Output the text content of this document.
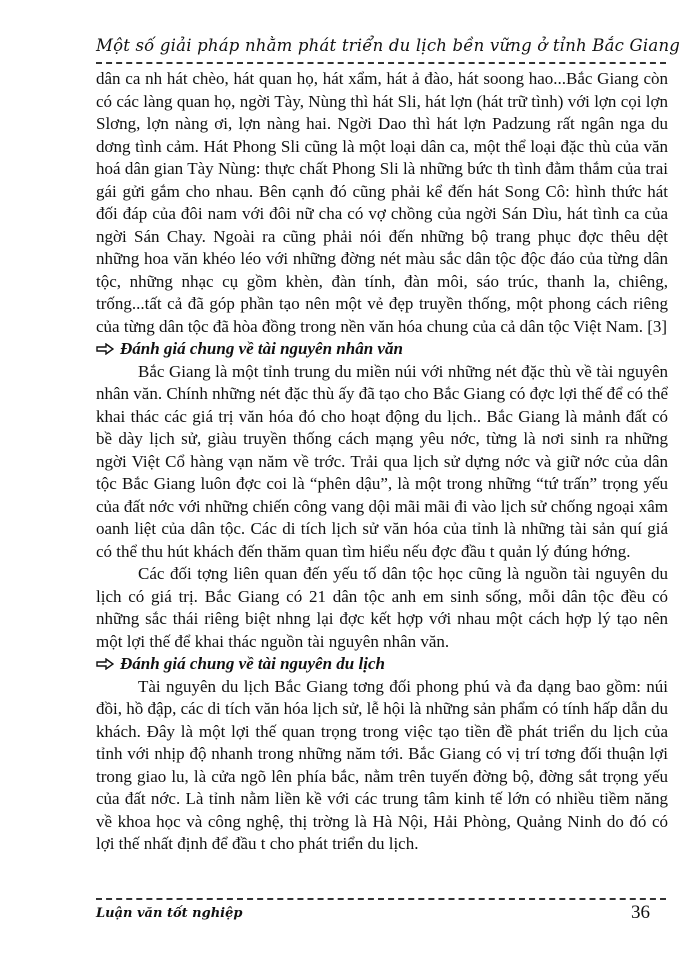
Một số giải pháp nhằm phát triển du lịch bền vững ở tỉnh Bắc Giang

dân ca nh hát chèo, hát quan họ, hát xẩm, hát ả đào, hát soong hao...Bắc Giang còn có các làng quan họ, ngời Tày, Nùng thì hát Sli, hát lợn (hát trữ tình) với lợn cọi lợn Slơng, lợn nàng ơi, lợn nàng hai. Ngời Dao thì hát lợn Padzung rất ngân nga du dơng tình cảm. Hát Phong Sli cũng là một loại dân ca, một thể loại đặc thù của văn hoá dân gian Tày Nùng: thực chất Phong Sli là những bức th tình đằm thắm của trai gái gửi gắm cho nhau. Bên cạnh đó cũng phải kể đến hát Song Cô: hình thức hát đối đáp của đôi nam với đôi nữ cha có vợ chồng của ngời Sán Dìu, hát tình ca của ngời Sán Chay. Ngoài ra cũng phải nói đến những bộ trang phục đợc thêu dệt những hoa văn khéo léo với những đờng nét màu sắc dân tộc độc đáo của từng dân tộc, những nhạc cụ gồm khèn, đàn tính, đàn môi, sáo trúc, thanh la, chiêng, trống...tất cả đã góp phần tạo nên một vẻ đẹp truyền thống, một phong cách riêng của từng dân tộc đã hòa đồng trong nền văn hóa chung của cả dân tộc Việt Nam. [3]

Đánh giá chung về tài nguyên nhân văn

Bắc Giang là một tỉnh trung du miền núi với những nét đặc thù về tài nguyên nhân văn. Chính những nét đặc thù ấy đã tạo cho Bắc Giang có đợc lợi thế để có thể khai thác các giá trị văn hóa đó cho hoạt động du lịch.. Bắc Giang là mảnh đất có bề dày lịch sử, giàu truyền thống cách mạng yêu nớc, từng là nơi sinh ra những ngời Việt Cổ hàng vạn năm về trớc. Trải qua lịch sử dựng nớc và giữ nớc của dân tộc Bắc Giang luôn đợc coi là “phên dậu”, là một trong những “tứ trấn” trọng yếu của đất nớc với những chiến công vang dội mãi mãi đi vào lịch sử chống ngoại xâm oanh liệt của dân tộc. Các di tích lịch sử văn hóa của tỉnh là những tài sản quí giá có thể thu hút khách đến thăm quan tìm hiểu nếu đợc đầu t quản lý đúng hớng.

Các đối tợng liên quan đến yếu tố dân tộc học cũng là nguồn tài nguyên du lịch có giá trị. Bắc Giang có 21 dân tộc anh em sinh sống, mỗi dân tộc đều có những sắc thái riêng biệt nhng lại đợc kết hợp với nhau một cách hợp lý tạo nên một lợi thế để khai thác nguồn tài nguyên nhân văn.

Đánh giá chung về tài nguyên du lịch

Tài nguyên du lịch Bắc Giang tơng đối phong phú và đa dạng bao gồm: núi đồi, hồ đập, các di tích văn hóa lịch sử, lễ hội là những sản phẩm có tính hấp dẫn du khách. Đây là một lợi thế quan trọng trong việc tạo tiền đề phát triển du lịch của tỉnh với nhịp độ nhanh trong những năm tới. Bắc Giang có vị trí tơng đối thuận lợi trong giao lu, là cửa ngõ lên phía bắc, nằm trên tuyến đờng bộ, đờng sắt trọng yếu của đất nớc. Là tỉnh nằm liền kề với các trung tâm kinh tế lớn có nhiều tiềm năng về khoa học và công nghệ, thị trờng là Hà Nội, Hải Phòng, Quảng Ninh do đó có lợi thế nhất định để đầu t cho phát triển du lịch.

Luận văn tốt nghiệp	36
